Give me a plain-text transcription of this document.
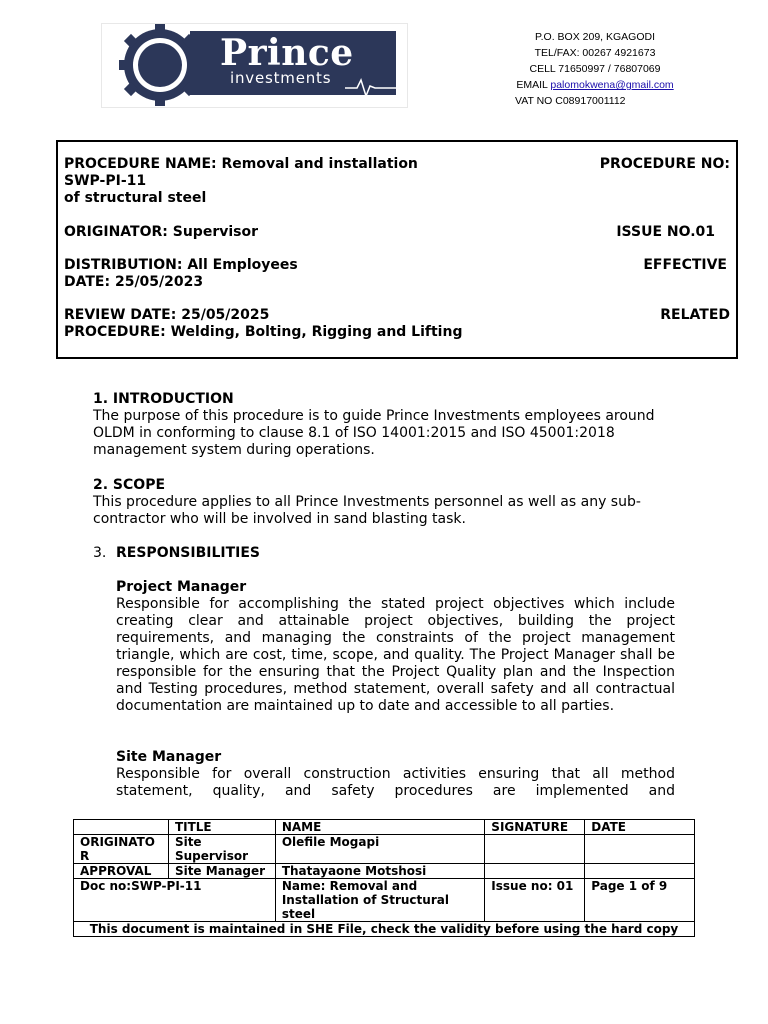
Prince
investments
P.O. BOX 209, KGAGODI
TEL/FAX: 00267 4921673
CELL 71650997 / 76807069
EMAIL palomokwena@gmail.com
VAT NO C08917001112
PROCEDURE NAME: Removal and installation	PROCEDURE NO:
SWP-PI-11
of structural steel
ORIGINATOR: Supervisor	ISSUE NO.01
DISTRIBUTION: All Employees	EFFECTIVE
DATE: 25/05/2023
REVIEW DATE: 25/05/2025	RELATED
PROCEDURE: Welding, Bolting, Rigging and Lifting
1. INTRODUCTION
The purpose of this procedure is to guide Prince Investments employees around OLDM in conforming to clause 8.1 of ISO 14001:2015 and ISO 45001:2018 management system during operations.
2. SCOPE
This procedure applies to all Prince Investments personnel as well as any sub-contractor who will be involved in sand blasting task.
3. RESPONSIBILITIES
Project Manager
Responsible for accomplishing the stated project objectives which include creating clear and attainable project objectives, building the project requirements, and managing the constraints of the project management triangle, which are cost, time, scope, and quality. The Project Manager shall be responsible for the ensuring that the Project Quality plan and the Inspection and Testing procedures, method statement, overall safety and all contractual documentation are maintained up to date and accessible to all parties.
Site Manager
Responsible for overall construction activities ensuring that all method statement, quality, and safety procedures are implemented and
	TITLE	NAME	SIGNATURE	DATE
ORIGINATOR	Site Supervisor	Olefile Mogapi		
APPROVAL	Site Manager	Thatayaone Motshosi		
Doc no:SWP-PI-11		Name: Removal and Installation of Structural steel	Issue no: 01	Page 1 of 9
This document is maintained in SHE File, check the validity before using the hard copy				
